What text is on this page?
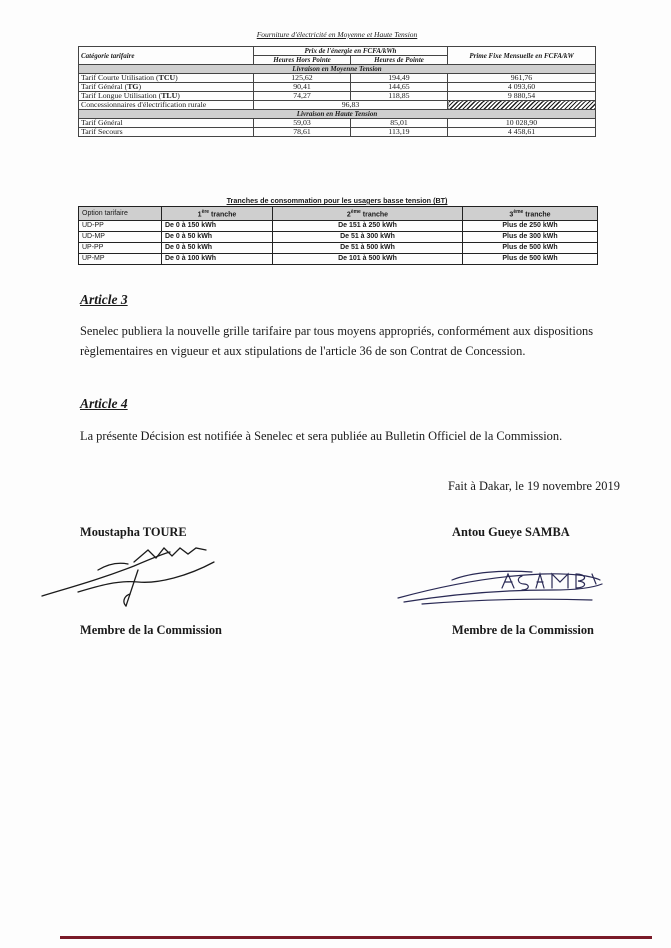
Fourniture d'électricité en Moyenne et Haute Tension
Catégorie tarifaire	Prix de l'énergie en FCFA/kWh		Prime Fixe Mensuelle en FCFA/kW
	Heures Hors Pointe	Heures de Pointe	
Livraison en Moyenne Tension			
Tarif Courte Utilisation (TCU)	125,62	194,49	961,76
Tarif Général (TG)	90,41	144,65	4 093,60
Tarif Longue Utilisation (TLU)	74,27	118,85	9 880,54
Concessionnaires d'électrification rurale	96,83		
Livraison en Haute Tension			
Tarif Général	59,03	85,01	10 028,90
Tarif Secours	78,61	113,19	4 458,61
Tranches de consommation pour les usagers basse tension (BT)
Option tarifaire	1ère tranche	2ème tranche	3ème tranche
UD-PP	De 0 à 150 kWh	De 151 à 250 kWh	Plus de 250 kWh
UD-MP	De 0 à 50 kWh	De 51 à 300 kWh	Plus de 300 kWh
UP-PP	De 0 à 50 kWh	De 51 à 500 kWh	Plus de 500 kWh
UP-MP	De 0 à 100 kWh	De 101 à 500 kWh	Plus de 500 kWh
Article 3
Senelec publiera la nouvelle grille tarifaire par tous moyens appropriés, conformément aux dispositions règlementaires en vigueur et aux stipulations de l'article 36 de son Contrat de Concession.
Article 4
La présente Décision est notifiée à Senelec et sera publiée au Bulletin Officiel de la Commission.
Fait à Dakar, le 19 novembre 2019
Moustapha TOURE	Antou Gueye SAMBA
Membre de la Commission	Membre de la Commission
